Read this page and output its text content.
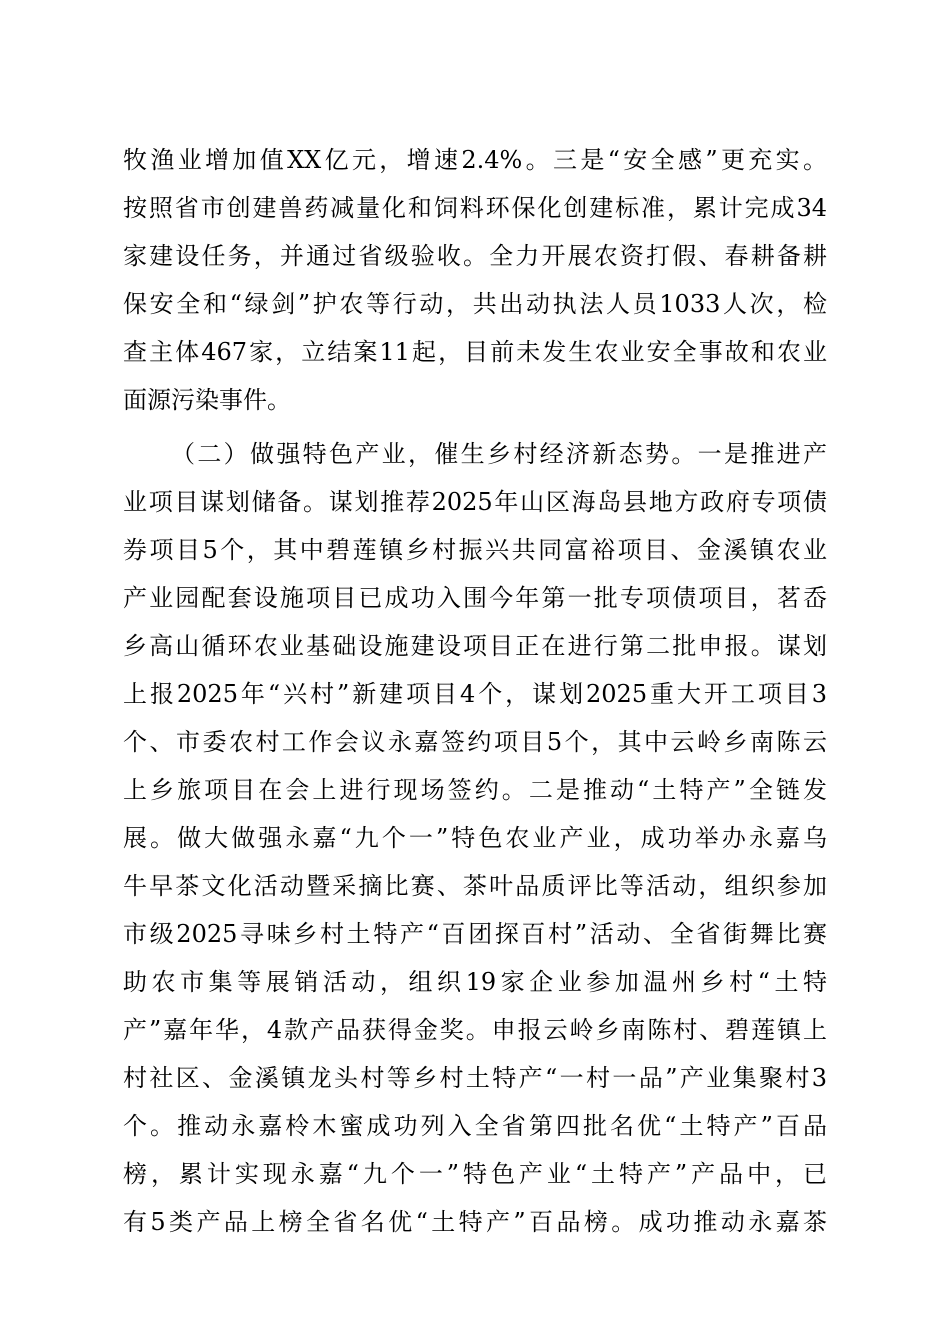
牧渔业增加值XX亿元，增速2.4%。三是“安全感”更充实。
按照省市创建兽药减量化和饲料环保化创建标准，累计完成34
家建设任务，并通过省级验收。全力开展农资打假、春耕备耕
保安全和“绿剑”护农等行动，共出动执法人员1033人次，检
查主体467家，立结案11起，目前未发生农业安全事故和农业
面源污染事件。
（二）做强特色产业，催生乡村经济新态势。一是推进产
业项目谋划储备。谋划推荐2025年山区海岛县地方政府专项债
券项目5个，其中碧莲镇乡村振兴共同富裕项目、金溪镇农业
产业园配套设施项目已成功入围今年第一批专项债项目，茗岙
乡高山循环农业基础设施建设项目正在进行第二批申报。谋划
上报2025年“兴村”新建项目4个，谋划2025重大开工项目3
个、市委农村工作会议永嘉签约项目5个，其中云岭乡南陈云
上乡旅项目在会上进行现场签约。二是推动“土特产”全链发
展。做大做强永嘉“九个一”特色农业产业，成功举办永嘉乌
牛早茶文化活动暨采摘比赛、茶叶品质评比等活动，组织参加
市级2025寻味乡村土特产“百团探百村”活动、全省街舞比赛
助农市集等展销活动，组织19家企业参加温州乡村“土特
产”嘉年华，4款产品获得金奖。申报云岭乡南陈村、碧莲镇上
村社区、金溪镇龙头村等乡村土特产“一村一品”产业集聚村3
个。推动永嘉柃木蜜成功列入全省第四批名优“土特产”百品
榜，累计实现永嘉“九个一”特色产业“土特产”产品中，已
有5类产品上榜全省名优“土特产”百品榜。成功推动永嘉茶
